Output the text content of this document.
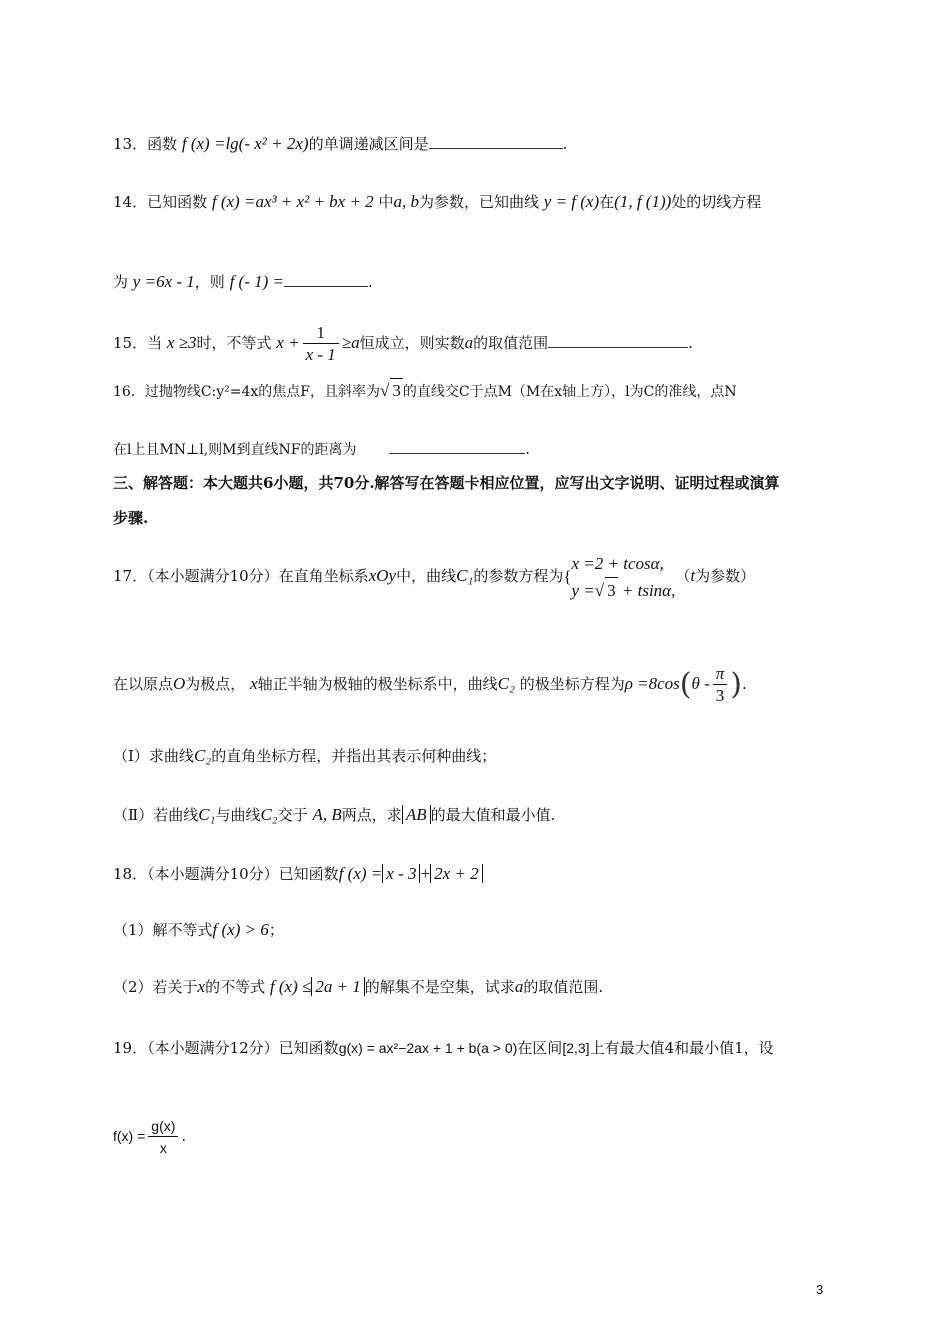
13．函数 f (x) =lg(- x² + 2x)的单调递减区间是	.
14．已知函数 f (x) =ax³ + x² + bx + 2 中a, b为参数，已知曲线 y = f (x)在(1, f (1))处的切线方程
为 y =6x - 1，则 f (- 1) =	.
15．当 x ≥3时，不等式 $x + \frac{1}{x - 1} \ge a$恒成立，则实数a的取值范围	.
16．过抛物线C:y²=4x的焦点F，且斜率为√ 3 的直线交C于点M（M在x轴上方），l为C的准线，点N
在l上且MN⊥l,则M到直线NF的距离为	.
三、解答题：本大题共6小题，共70分.解答写在答题卡相应位置，应写出文字说明、证明过程或演算
步骤.
17．（本小题满分10分）在直角坐标系xOy中，曲线C₁的参数方程为{
x =2 + tcosα,
y =√ 3 + tsinα,
（t为参数）
在以原点O为极点， x轴正半轴为极轴的极坐标系中，曲线C₂ 的极坐标方程为$\rho =8\cos(\theta - \frac{\pi}{3}$ ).
（Ⅰ）求曲线C₂的直角坐标方程，并指出其表示何种曲线；
（Ⅱ）若曲线C₁与曲线C₂交于 A, B两点，求 AB 的最大值和最小值.
18．（本小题满分10分）已知函数f (x) = x - 3 + 2x + 2
（1）解不等式f (x) > 6；
（2）若关于x的不等式 f (x) ≤ 2a + 1 的解集不是空集，试求a的取值范围.
19．（本小题满分12分）已知函数g(x) = ax²−2ax + 1 + b(a > 0)在区间[2,3]上有最大值4和最小值1，设
$f(x) = \frac{g(x)}{x}$ .
3
